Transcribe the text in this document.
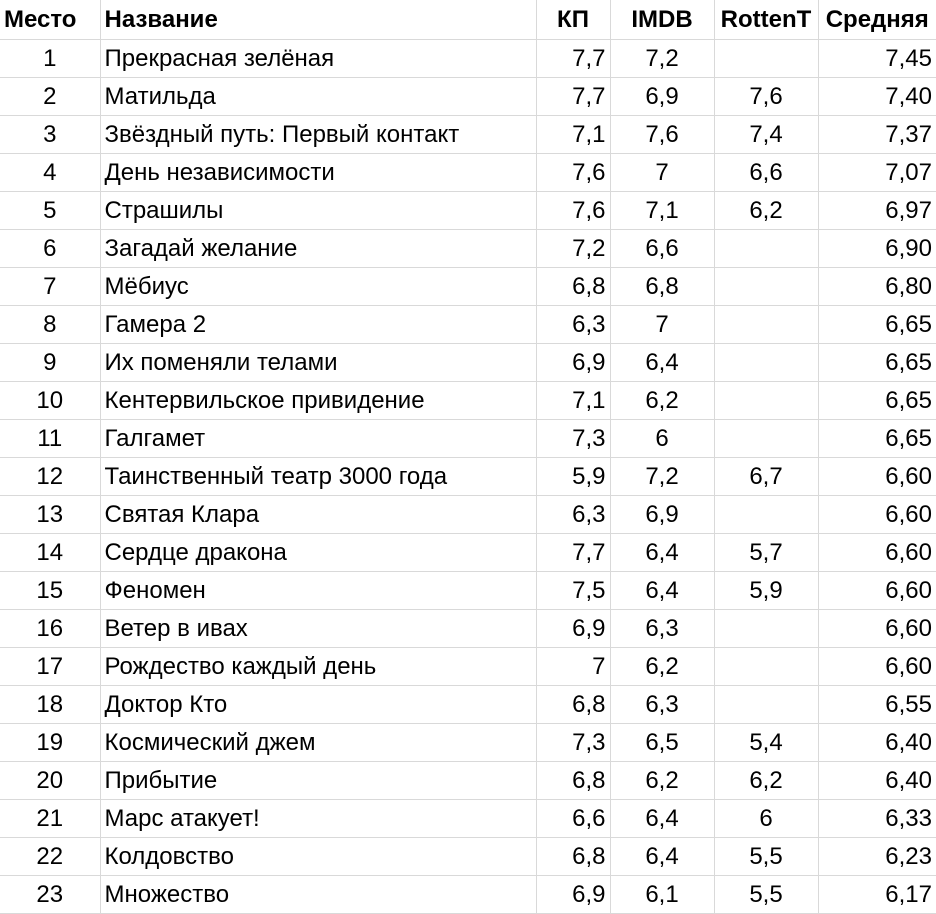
Место	Название	КП	IMDB	RottenT	Средняя
1	Прекрасная зелёная	7,7	7,2		7,45
2	Матильда	7,7	6,9	7,6	7,40
3	Звёздный путь: Первый контакт	7,1	7,6	7,4	7,37
4	День независимости	7,6	7	6,6	7,07
5	Страшилы	7,6	7,1	6,2	6,97
6	Загадай желание	7,2	6,6		6,90
7	Мёбиус	6,8	6,8		6,80
8	Гамера 2	6,3	7		6,65
9	Их поменяли телами	6,9	6,4		6,65
10	Кентервильское привидение	7,1	6,2		6,65
11	Галгамет	7,3	6		6,65
12	Таинственный театр 3000 года	5,9	7,2	6,7	6,60
13	Святая Клара	6,3	6,9		6,60
14	Сердце дракона	7,7	6,4	5,7	6,60
15	Феномен	7,5	6,4	5,9	6,60
16	Ветер в ивах	6,9	6,3		6,60
17	Рождество каждый день	7	6,2		6,60
18	Доктор Кто	6,8	6,3		6,55
19	Космический джем	7,3	6,5	5,4	6,40
20	Прибытие	6,8	6,2	6,2	6,40
21	Марс атакует!	6,6	6,4	6	6,33
22	Колдовство	6,8	6,4	5,5	6,23
23	Множество	6,9	6,1	5,5	6,17
